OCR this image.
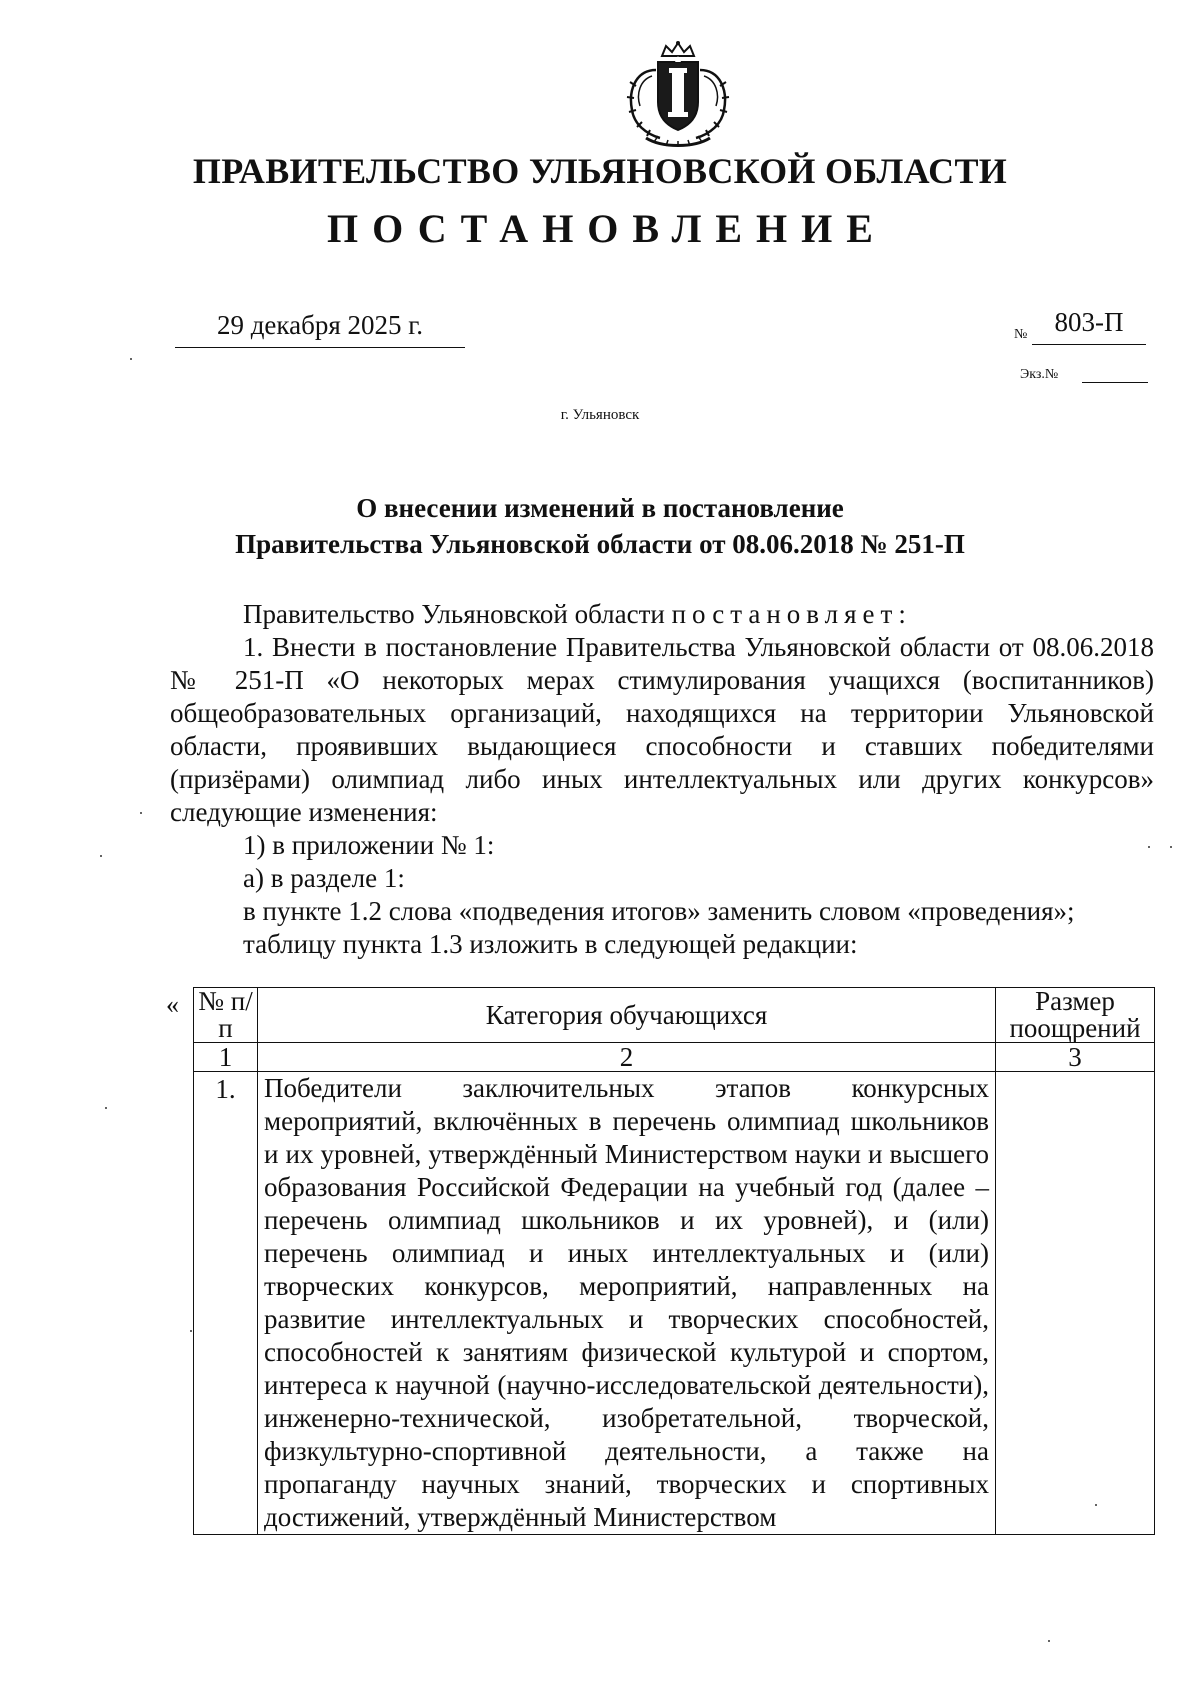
ПРАВИТЕЛЬСТВО УЛЬЯНОВСКОЙ ОБЛАСТИ
ПОСТАНОВЛЕНИЕ
29 декабря 2025 г.	№	803-П
Экз.№
г. Ульяновск
О внесении изменений в постановление
Правительства Ульяновской области от 08.06.2018 № 251-П

Правительство Ульяновской области постановляет:

1. Внести в постановление Правительства Ульяновской области от 08.06.2018 № 251-П «О некоторых мерах стимулирования учащихся (воспитанников) общеобразовательных организаций, находящихся на территории Ульяновской области, проявивших выдающиеся способности и ставших победителями (призёрами) олимпиад либо иных интеллектуальных или других конкурсов» следующие изменения:

1) в приложении № 1:

а) в разделе 1:

в пункте 1.2 слова «подведения итогов» заменить словом «проведения»;

таблицу пункта 1.3 изложить в следующей редакции:

« № п/п	Категория обучающихся	Размер поощрений
1	2	3
1.	Победители заключительных этапов конкурсных мероприятий, включённых в перечень олимпиад школьников и их уровней, утверждённый Министерством науки и высшего образования Российской Федерации на учебный год (далее – перечень олимпиад школьников и их уровней), и (или) перечень олимпиад и иных интеллектуальных и (или) творческих конкурсов, мероприятий, направленных на развитие интеллектуальных и творческих способностей, способностей к занятиям физической культурой и спортом, интереса к научной (научно-исследовательской деятельности), инженерно-технической, изобретательной, творческой, физкультурно-спортивной деятельности, а также на пропаганду научных знаний, творческих и спортивных достижений, утверждённый Министерством	
